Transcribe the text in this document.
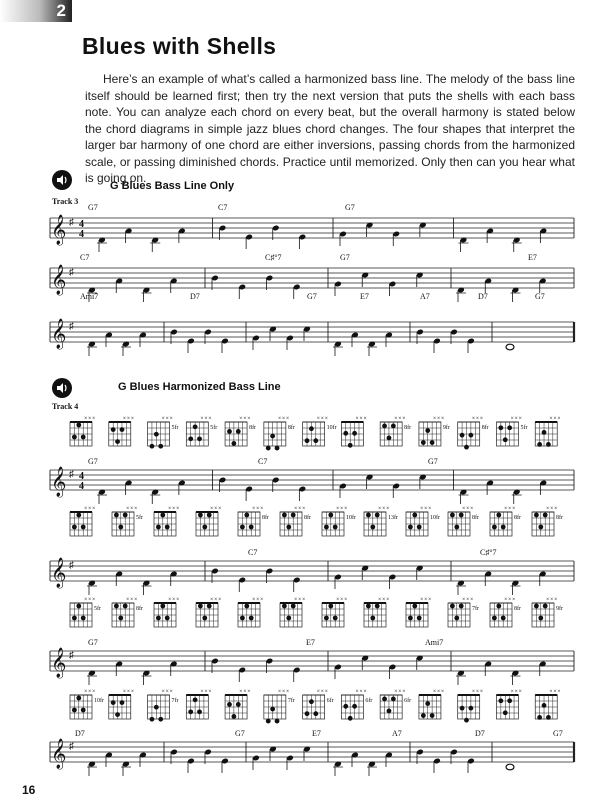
2
Blues with Shells
Here’s an example of what’s called a harmonized bass line. The melody of the bass line itself should be learned first; then try the next version that puts the shells with each bass note. You can analyze each chord on every beat, but the overall harmony is stated below the chord diagrams in simple jazz blues chord changes. The four shapes that interpret the larger bar harmony of one chord are either inversions, passing chords from the harmonized scale, or passing diminished chords. Practice until memorized. Only then can you hear what is going on.
G Blues Bass Line Only
Track 3
G Blues Harmonized Bass Line
Track 4
𝄞 ♯ 4
4
G7	C7	G7
𝄞 ♯
C7	C♯°7	G7	E7
𝄞 ♯
Ami7	D7	G7	E7	A7	D7	G7
× × ×	× × ×	× × ×
5fr
× × ×
5fr
× × ×
8fr
× × ×
8fr
× × ×
10fr
× × ×	× × ×
8fr
× × ×
9fr
× × ×
8fr
× × ×
5fr
× × ×
𝄞 ♯ 4
4
G7	C7	G7
× × ×	× × ×
5fr
× × ×	× × ×	× × ×
8fr
× × ×
8fr
× × ×
10fr
× × ×
13fr
× × ×
10fr
× × ×
8fr
× × ×
8fr
× × ×
8fr
𝄞 ♯
C7	C♯°7
× × ×
5fr
× × ×
8fr
× × ×	× × ×	× × ×	× × ×	× × ×	× × ×	× × ×	× × ×
7fr
× × ×
8fr
× × ×
9fr
𝄞 ♯
G7	E7	Ami7
× × ×
10fr
× × ×	× × ×
7fr
× × ×	× × ×	× × ×
7fr
× × ×
6fr
× × ×
6fr
× × ×
6fr
× × ×	× × ×	× × ×	× × ×
𝄞 ♯
D7	G7	E7	A7	D7	G7
16
